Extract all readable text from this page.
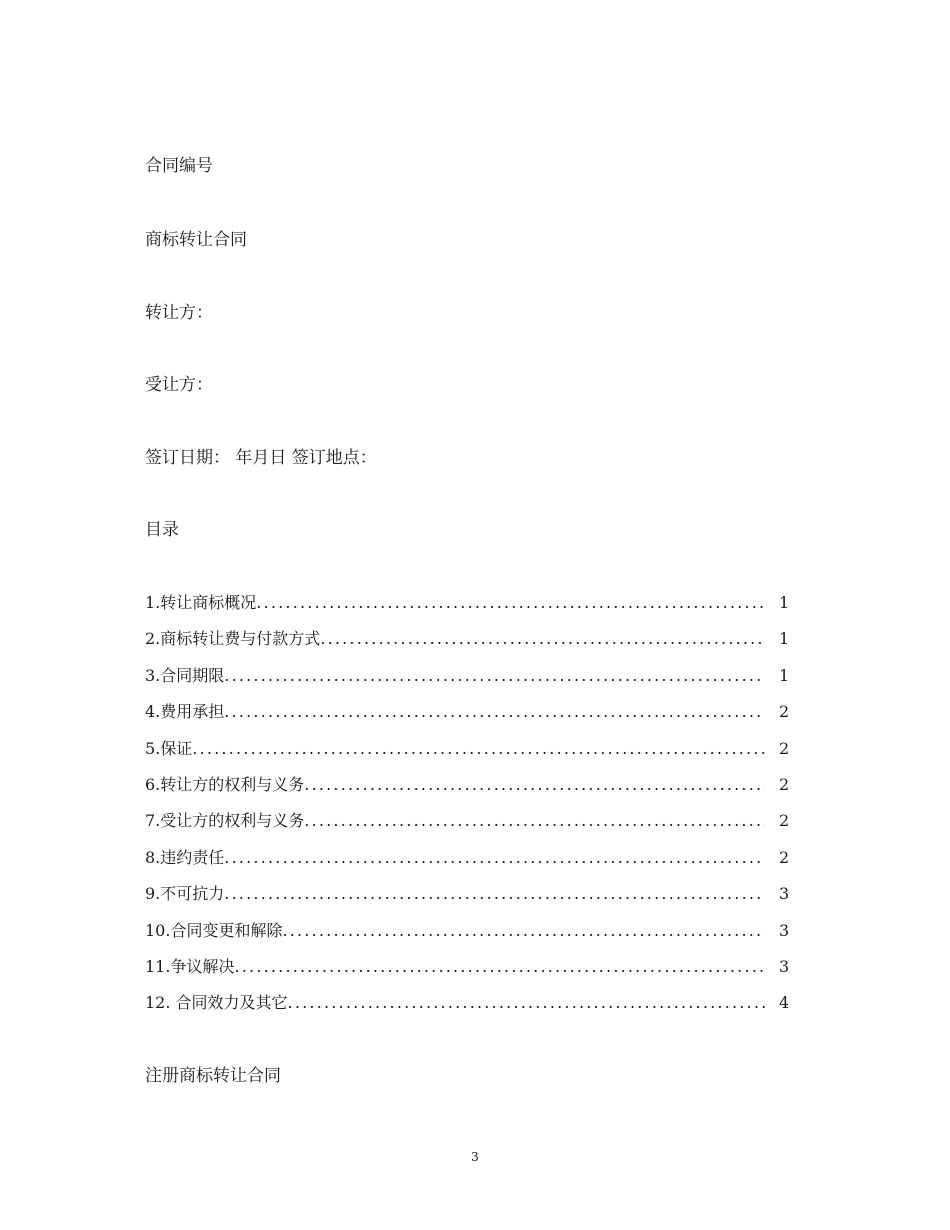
合同编号
商标转让合同
转让方：
受让方：
签订日期： 年月日 签订地点：
目录
1.转让商标概况 .....	1
2.商标转让费与付款方式 .....	1
3.合同期限 .....	1
4.费用承担 .....	2
5.保证 .....	2
6.转让方的权利与义务 .....	2
7.受让方的权利与义务 .....	2
8.违约责任 .....	2
9.不可抗力 .....	3
10.合同变更和解除 .....	3
11.争议解决 .....	3
12. 合同效力及其它 .....	4
注册商标转让合同
3
